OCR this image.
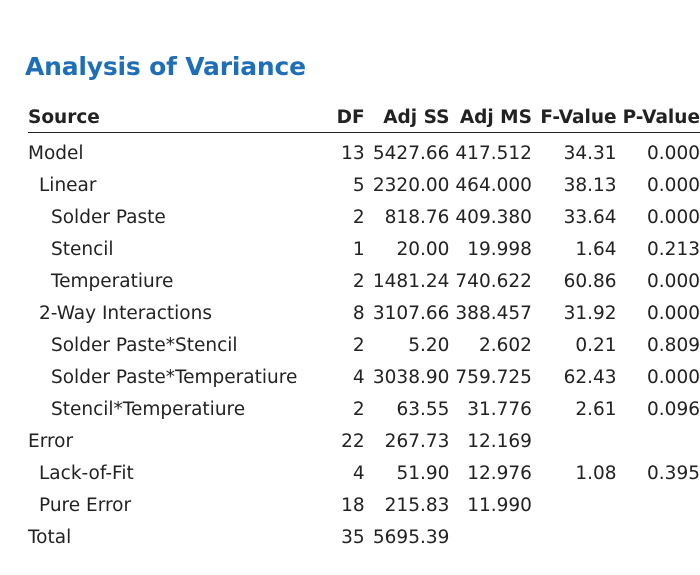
Analysis of Variance
Source	DF	Adj SS	Adj MS	F-Value	P-Value
Model	13	5427.66	417.512	34.31	0.000
Linear	5	2320.00	464.000	38.13	0.000
Solder Paste	2	818.76	409.380	33.64	0.000
Stencil	1	20.00	19.998	1.64	0.213
Temperatiure	2	1481.24	740.622	60.86	0.000
2-Way Interactions	8	3107.66	388.457	31.92	0.000
Solder Paste*Stencil	2	5.20	2.602	0.21	0.809
Solder Paste*Temperatiure	4	3038.90	759.725	62.43	0.000
Stencil*Temperatiure	2	63.55	31.776	2.61	0.096
Error	22	267.73	12.169		
Lack-of-Fit	4	51.90	12.976	1.08	0.395
Pure Error	18	215.83	11.990		
Total	35	5695.39			
